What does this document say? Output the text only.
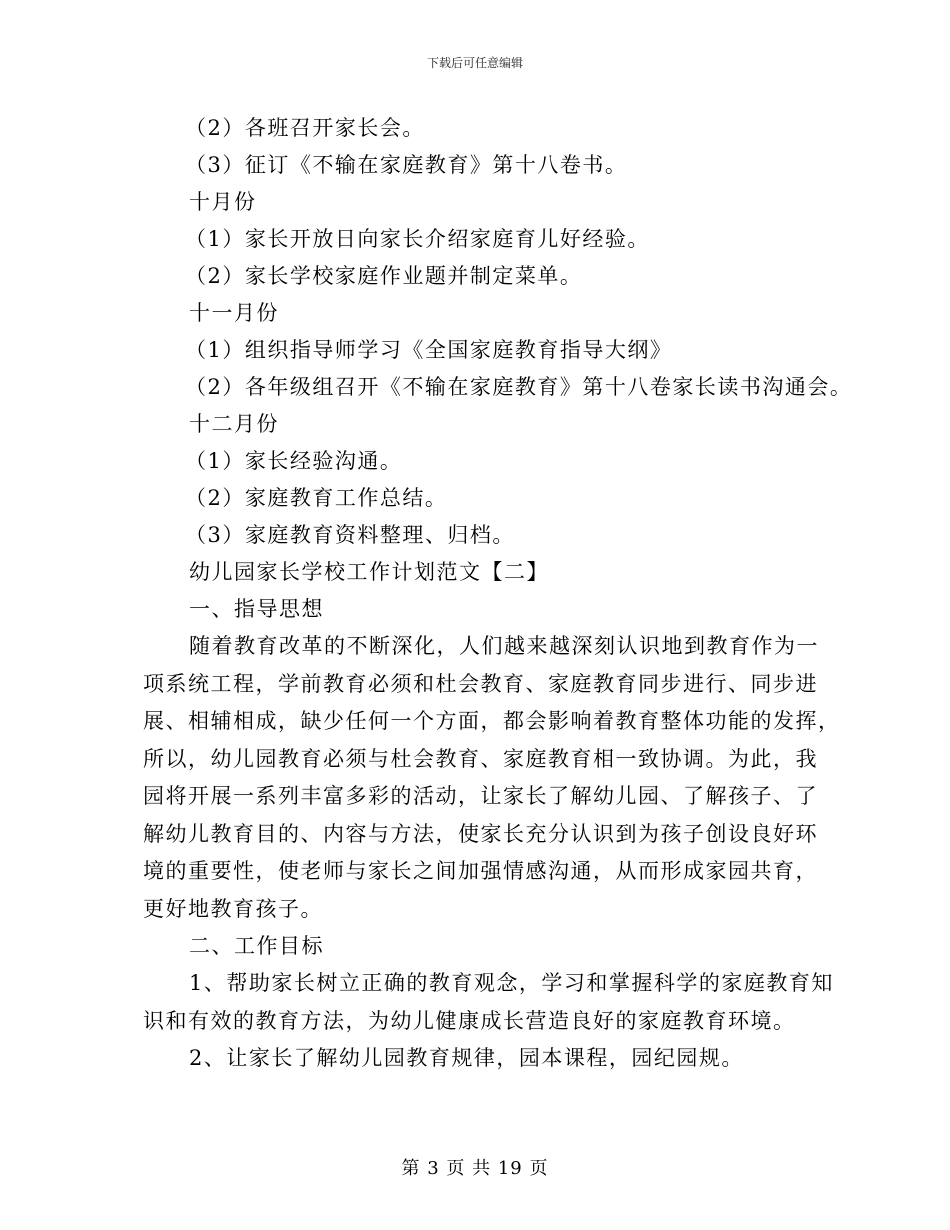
下载后可任意编辑
（2）各班召开家长会。
（3）征订《不输在家庭教育》第十八卷书。
十月份
（1）家长开放日向家长介绍家庭育儿好经验。
（2）家长学校家庭作业题并制定菜单。
十一月份
（1）组织指导师学习《全国家庭教育指导大纲》
（2）各年级组召开《不输在家庭教育》第十八卷家长读书沟通会。
十二月份
（1）家长经验沟通。
（2）家庭教育工作总结。
（3）家庭教育资料整理、归档。
幼儿园家长学校工作计划范文【二】
一、指导思想
随着教育改革的不断深化，人们越来越深刻认识地到教育作为一
项系统工程，学前教育必须和杜会教育、家庭教育同步进行、同步进
展、相辅相成，缺少任何一个方面，都会影响着教育整体功能的发挥，
所以，幼儿园教育必须与杜会教育、家庭教育相一致协调。为此，我
园将开展一系列丰富多彩的活动，让家长了解幼儿园、了解孩子、了
解幼儿教育目的、内容与方法，使家长充分认识到为孩子创设良好环
境的重要性，使老师与家长之间加强情感沟通，从而形成家园共育，
更好地教育孩子。
二、工作目标
1、帮助家长树立正确的教育观念，学习和掌握科学的家庭教育知
识和有效的教育方法，为幼儿健康成长营造良好的家庭教育环境。
2、让家长了解幼儿园教育规律，园本课程，园纪园规。
第 3 页 共 19 页
